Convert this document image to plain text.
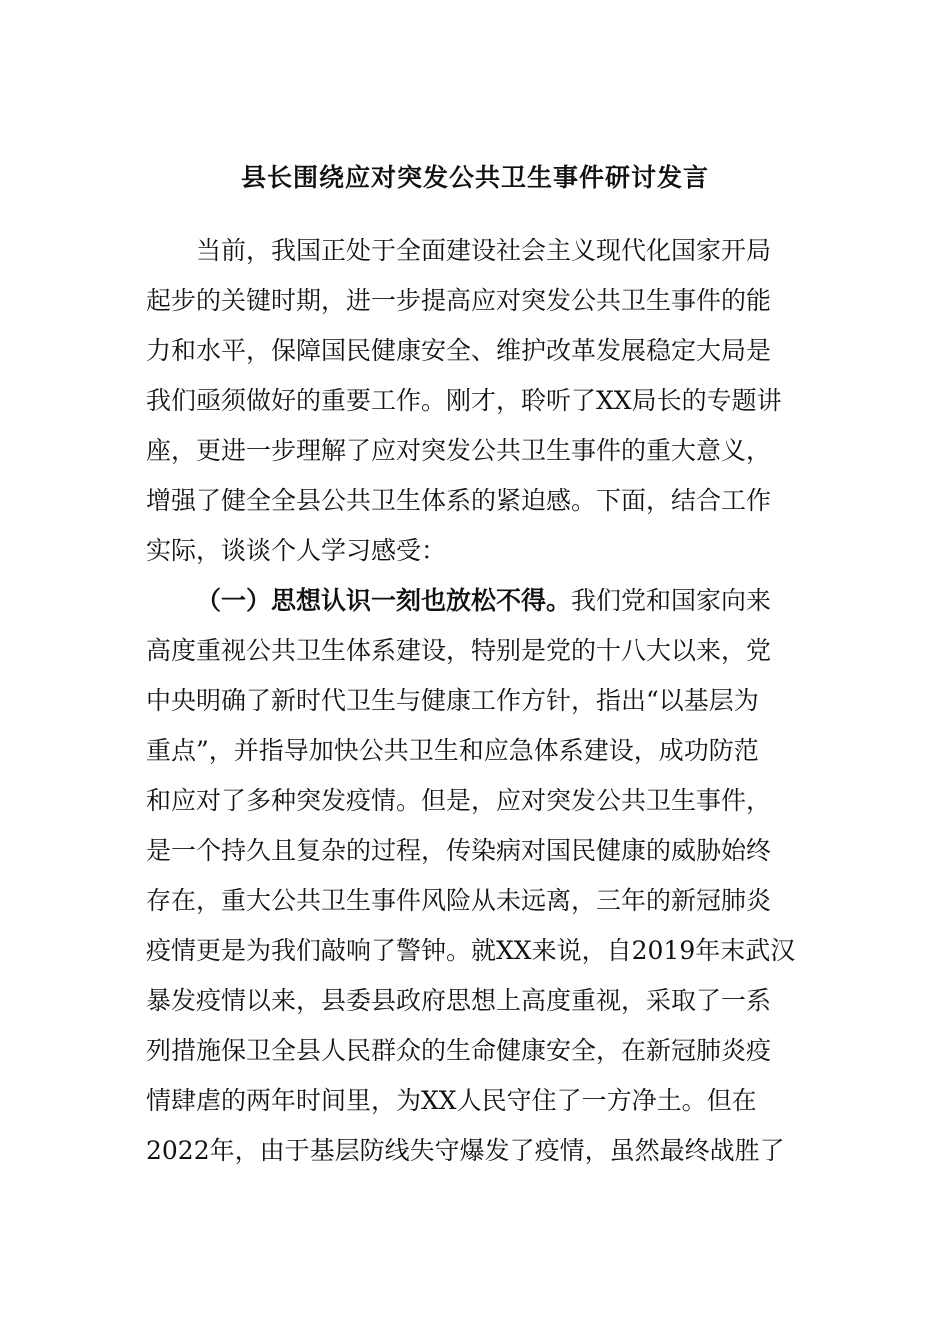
县长围绕应对突发公共卫生事件研讨发言
当前，我国正处于全面建设社会主义现代化国家开局
起步的关键时期，进一步提高应对突发公共卫生事件的能
力和水平，保障国民健康安全、维护改革发展稳定大局是
我们亟须做好的重要工作。刚才，聆听了XX局长的专题讲
座，更进一步理解了应对突发公共卫生事件的重大意义，
增强了健全全县公共卫生体系的紧迫感。下面，结合工作
实际，谈谈个人学习感受：
（一）思想认识一刻也放松不得。我们党和国家向来
高度重视公共卫生体系建设，特别是党的十八大以来，党
中央明确了新时代卫生与健康工作方针，指出“以基层为
重点”，并指导加快公共卫生和应急体系建设，成功防范
和应对了多种突发疫情。但是，应对突发公共卫生事件，
是一个持久且复杂的过程，传染病对国民健康的威胁始终
存在，重大公共卫生事件风险从未远离，三年的新冠肺炎
疫情更是为我们敲响了警钟。就XX来说，自2019年末武汉
暴发疫情以来，县委县政府思想上高度重视，采取了一系
列措施保卫全县人民群众的生命健康安全，在新冠肺炎疫
情肆虐的两年时间里，为XX人民守住了一方净土。但在
2022年，由于基层防线失守爆发了疫情，虽然最终战胜了
